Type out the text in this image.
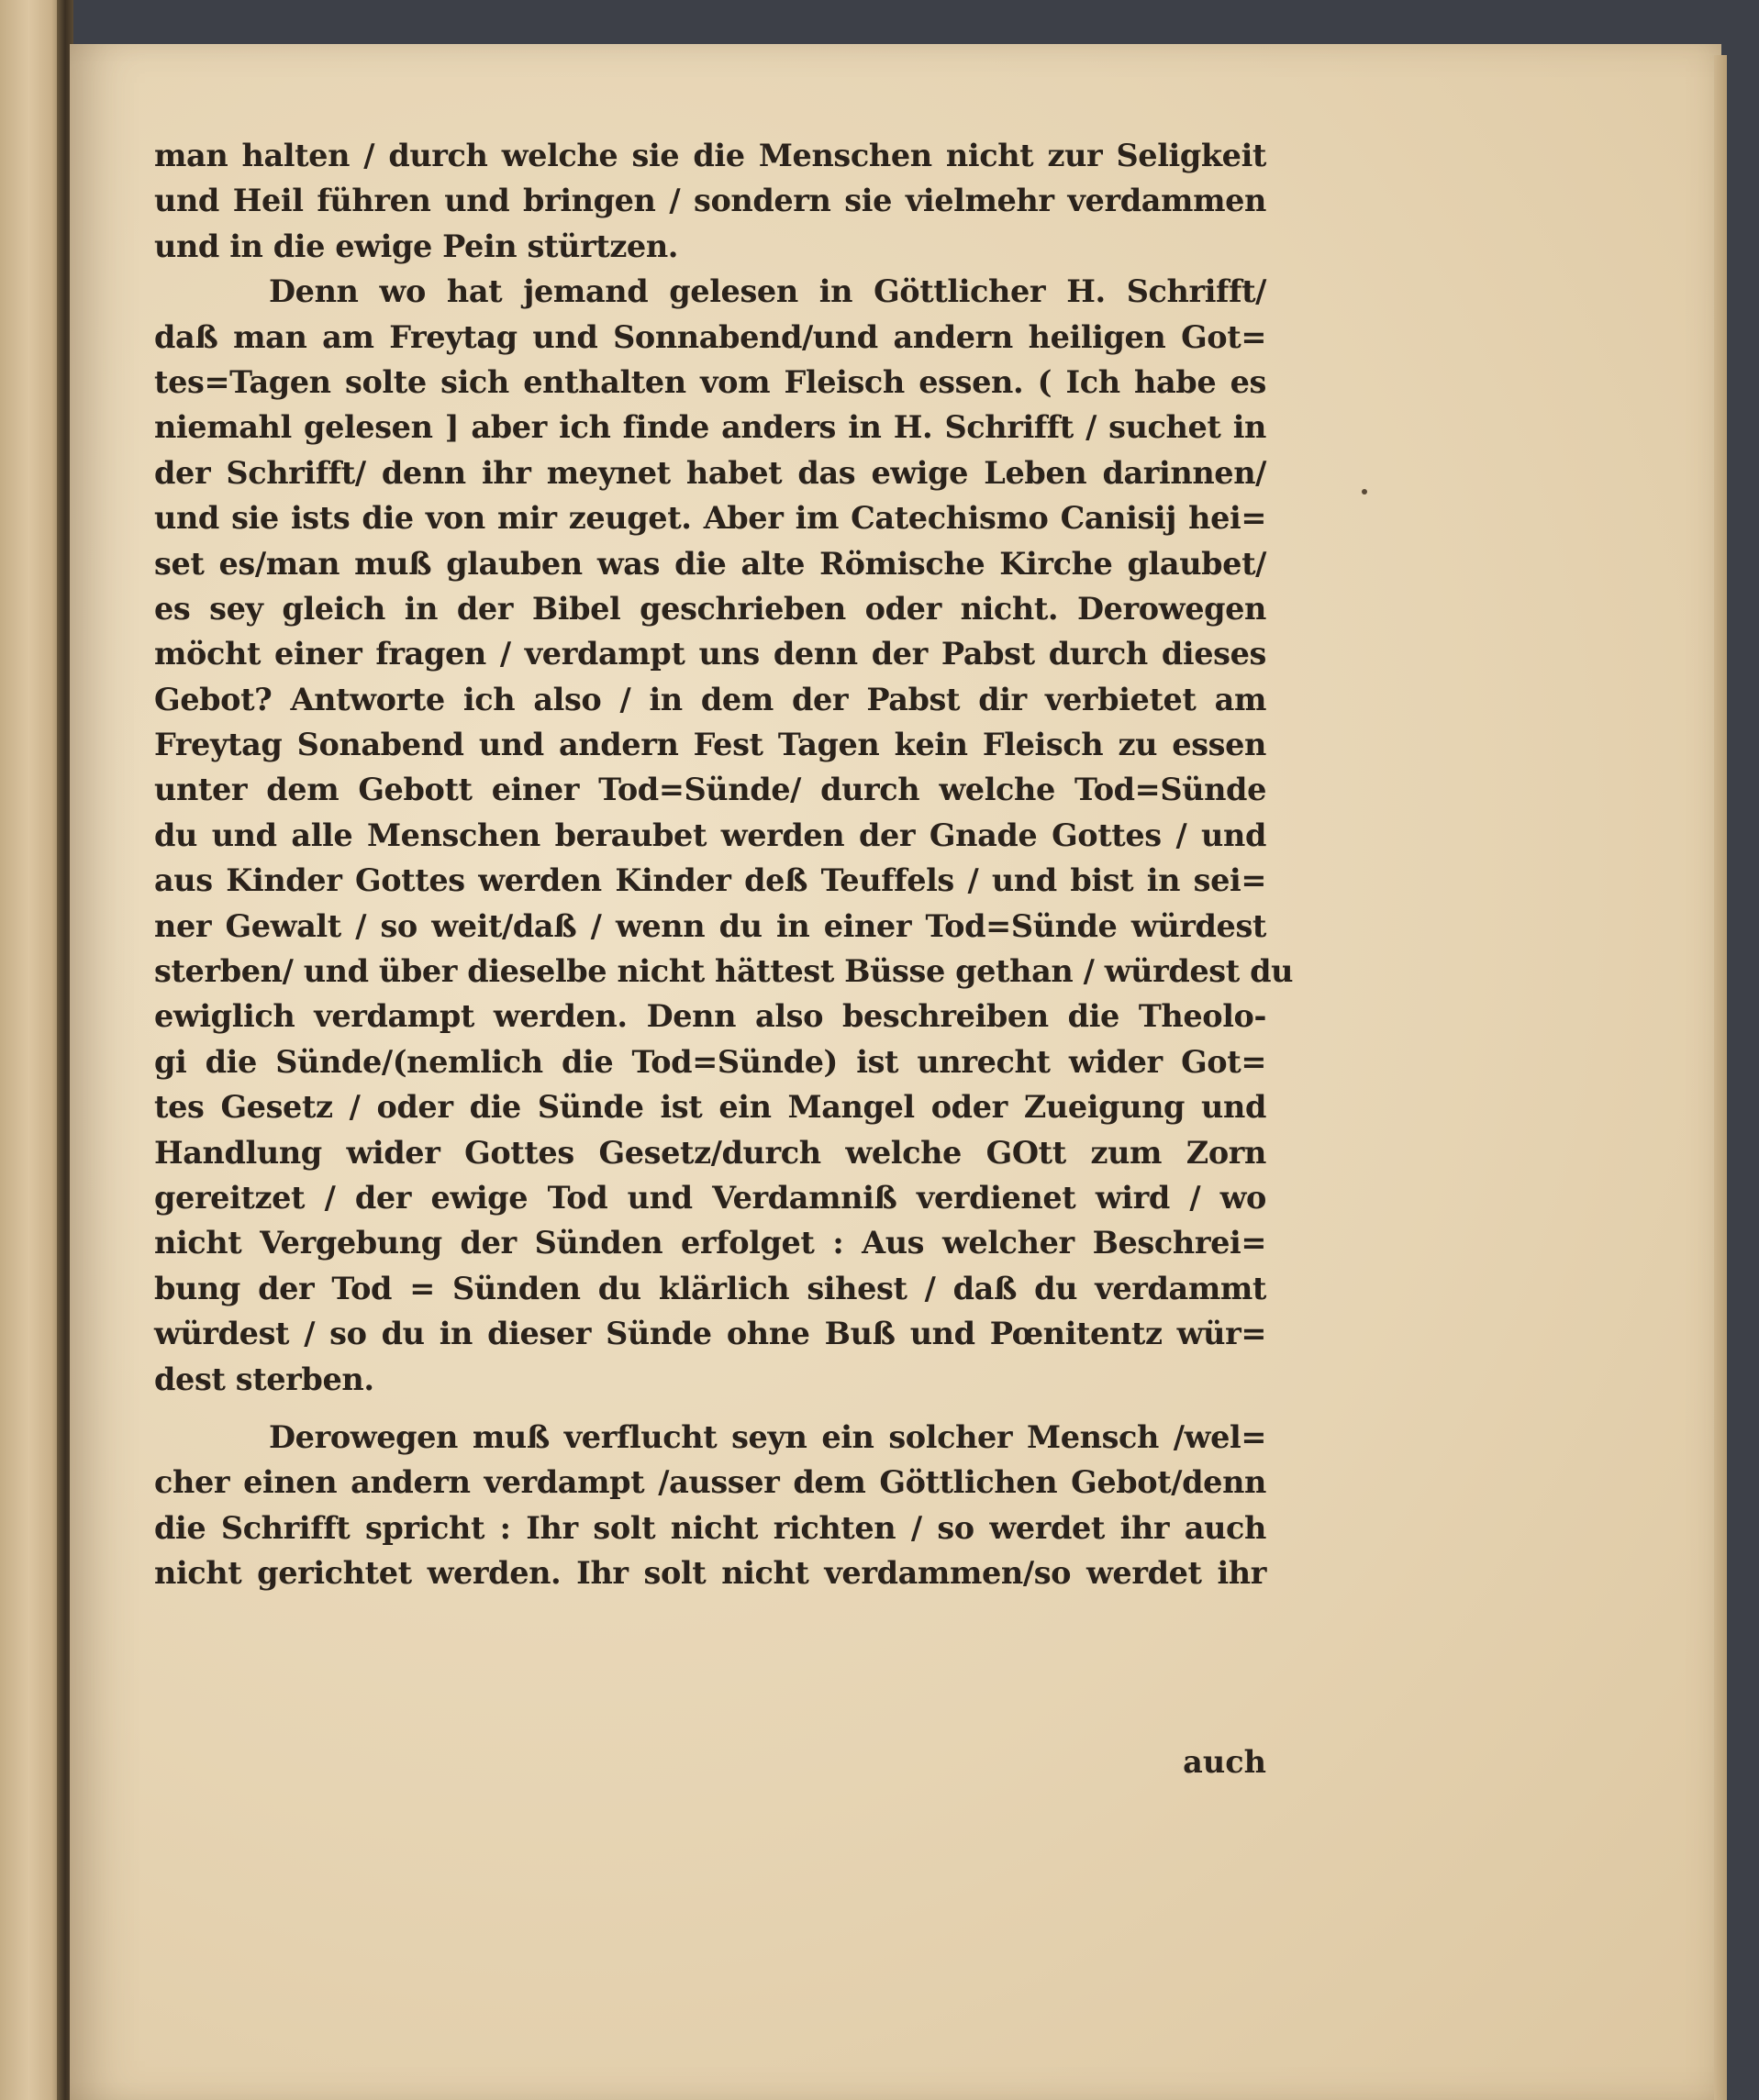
man halten / durch welche sie die Menschen nicht zur Seligkeit
und Heil führen und bringen / sondern sie vielmehr verdammen
und in die ewige Pein stürtzen.
Denn wo hat jemand gelesen in Göttlicher H. Schrifft/
daß man am Freytag und Sonnabend/und andern heiligen Got=
tes=Tagen solte sich enthalten vom Fleisch essen. ( Ich habe es
niemahl gelesen ] aber ich finde anders in H. Schrifft / suchet in
der Schrifft/ denn ihr meynet habet das ewige Leben darinnen/
und sie ists die von mir zeuget. Aber im Catechismo Canisij hei=
set es/man muß glauben was die alte Römische Kirche glaubet/
es sey gleich in der Bibel geschrieben oder nicht. Derowegen
möcht einer fragen / verdampt uns denn der Pabst durch dieses
Gebot? Antworte ich also / in dem der Pabst dir verbietet am
Freytag Sonabend und andern Fest Tagen kein Fleisch zu essen
unter dem Gebott einer Tod=Sünde/ durch welche Tod=Sünde
du und alle Menschen beraubet werden der Gnade Gottes / und
aus Kinder Gottes werden Kinder deß Teuffels / und bist in sei=
ner Gewalt / so weit/daß / wenn du in einer Tod=Sünde würdest
sterben/ und über dieselbe nicht hättest Büsse gethan / würdest du
ewiglich verdampt werden. Denn also beschreiben die Theolo-
gi die Sünde/(nemlich die Tod=Sünde) ist unrecht wider Got=
tes Gesetz / oder die Sünde ist ein Mangel oder Zueigung und
Handlung wider Gottes Gesetz/durch welche GOtt zum Zorn
gereitzet / der ewige Tod und Verdamniß verdienet wird / wo
nicht Vergebung der Sünden erfolget : Aus welcher Beschrei=
bung der Tod = Sünden du klärlich sihest / daß du verdammt
würdest / so du in dieser Sünde ohne Buß und Pœnitentz wür=
dest sterben.
Derowegen muß verflucht seyn ein solcher Mensch /wel=
cher einen andern verdampt /ausser dem Göttlichen Gebot/denn
die Schrifft spricht : Ihr solt nicht richten / so werdet ihr auch
nicht gerichtet werden. Ihr solt nicht verdammen/so werdet ihr
auch
